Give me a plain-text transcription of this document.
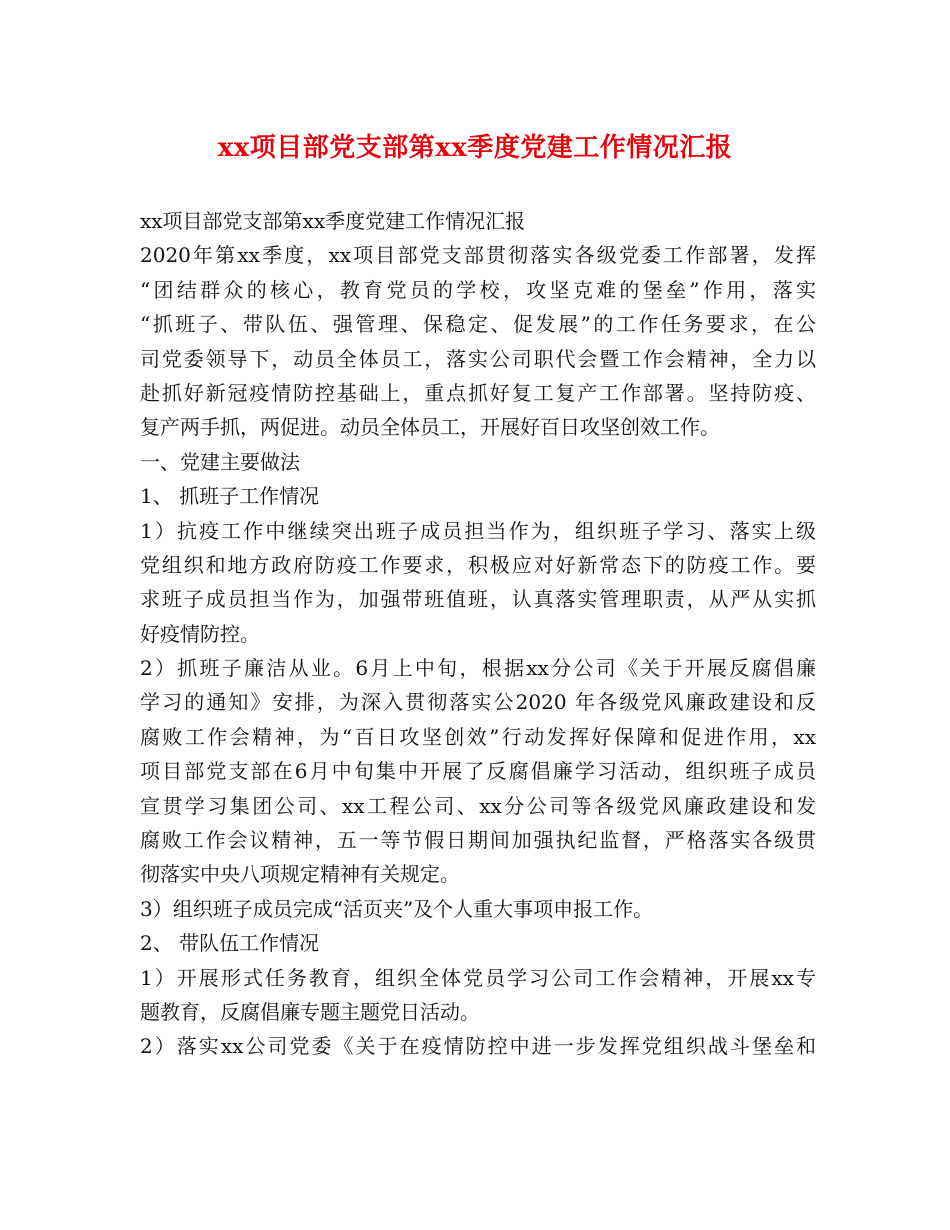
xx项目部党支部第xx季度党建工作情况汇报
xx项目部党支部第xx季度党建工作情况汇报
2020年第xx季度，xx项目部党支部贯彻落实各级党委工作部署，发挥
“团结群众的核心，教育党员的学校，攻坚克难的堡垒”作用，落实
“抓班子、带队伍、强管理、保稳定、促发展”的工作任务要求，在公
司党委领导下，动员全体员工，落实公司职代会暨工作会精神，全力以
赴抓好新冠疫情防控基础上，重点抓好复工复产工作部署。坚持防疫、
复产两手抓，两促进。动员全体员工，开展好百日攻坚创效工作。
一、党建主要做法
1、 抓班子工作情况
1）抗疫工作中继续突出班子成员担当作为，组织班子学习、落实上级
党组织和地方政府防疫工作要求，积极应对好新常态下的防疫工作。要
求班子成员担当作为，加强带班值班，认真落实管理职责，从严从实抓
好疫情防控。
2）抓班子廉洁从业。6月上中旬，根据xx分公司《关于开展反腐倡廉
学习的通知》安排，为深入贯彻落实公2020 年各级党风廉政建设和反
腐败工作会精神，为“百日攻坚创效”行动发挥好保障和促进作用，xx
项目部党支部在6月中旬集中开展了反腐倡廉学习活动，组织班子成员
宣贯学习集团公司、xx工程公司、xx分公司等各级党风廉政建设和发
腐败工作会议精神，五一等节假日期间加强执纪监督，严格落实各级贯
彻落实中央八项规定精神有关规定。
3）组织班子成员完成“活页夹”及个人重大事项申报工作。
2、 带队伍工作情况
1）开展形式任务教育，组织全体党员学习公司工作会精神，开展xx专
题教育，反腐倡廉专题主题党日活动。
2）落实xx公司党委《关于在疫情防控中进一步发挥党组织战斗堡垒和
